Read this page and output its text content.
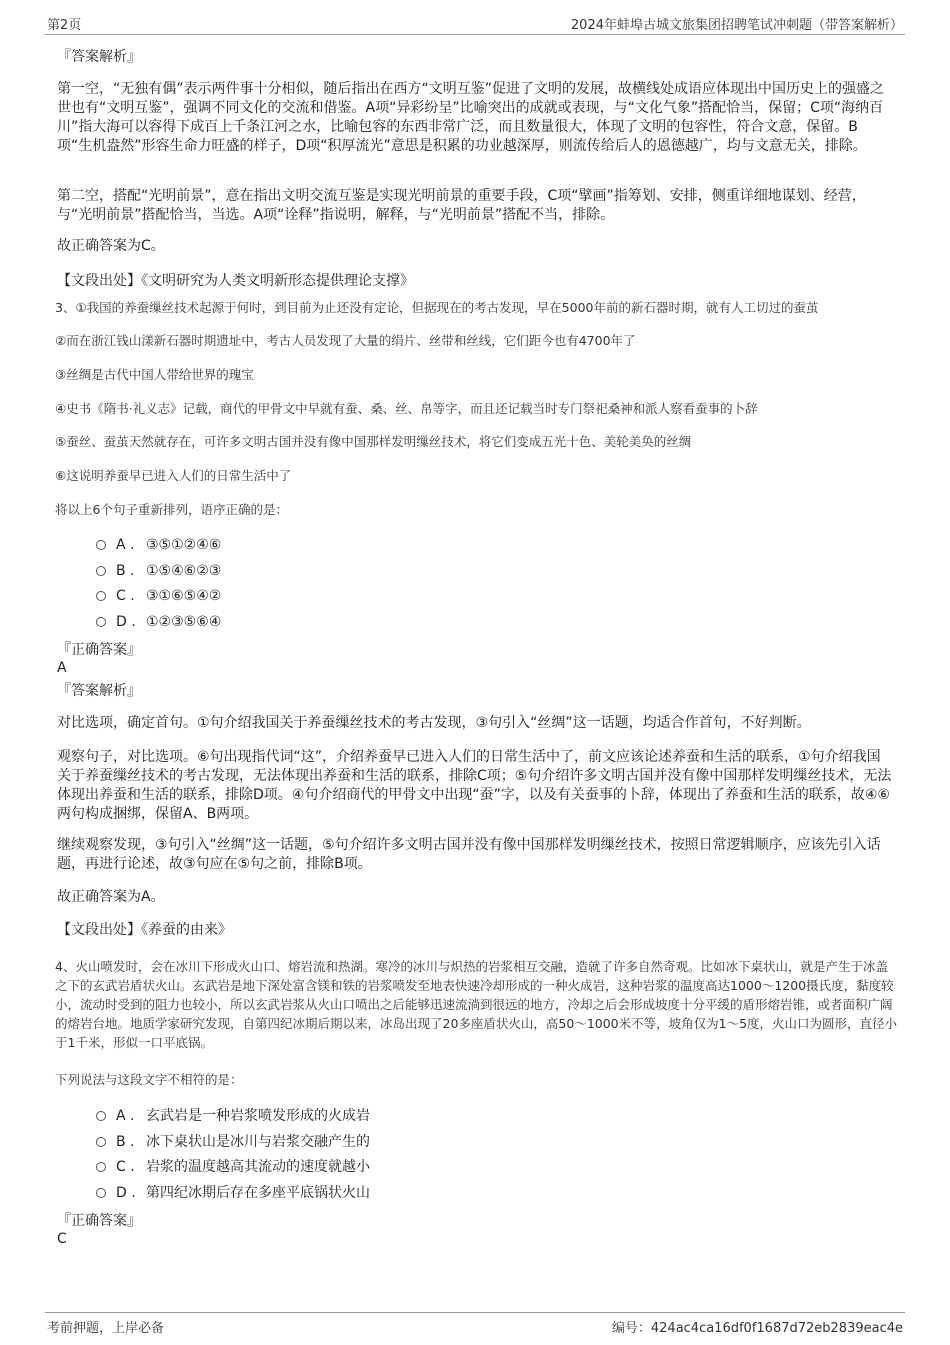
第2页	2024年蚌埠古城文旅集团招聘笔试冲刺题（带答案解析）
『答案解析』
第一空，“无独有偶”表示两件事十分相似，随后指出在西方“文明互鉴”促进了文明的发展，故横线处成语应体现出中国历史上的强盛之世也有“文明互鉴”，强调不同文化的交流和借鉴。A项“异彩纷呈”比喻突出的成就或表现，与“文化气象”搭配恰当，保留；C项“海纳百川”指大海可以容得下成百上千条江河之水，比喻包容的东西非常广泛，而且数量很大，体现了文明的包容性，符合文意，保留。B项“生机盎然”形容生命力旺盛的样子，D项“积厚流光”意思是积累的功业越深厚，则流传给后人的恩德越广，均与文意无关，排除。
第二空，搭配“光明前景”，意在指出文明交流互鉴是实现光明前景的重要手段，C项“擘画”指筹划、安排，侧重详细地谋划、经营，与“光明前景”搭配恰当，当选。A项“诠释”指说明，解释，与“光明前景”搭配不当，排除。
故正确答案为C。
【文段出处】《文明研究为人类文明新形态提供理论支撑》
3、①我国的养蚕缫丝技术起源于何时，到目前为止还没有定论，但据现在的考古发现，早在5000年前的新石器时期，就有人工切过的蚕茧
②而在浙江钱山漾新石器时期遗址中，考古人员发现了大量的绢片、丝带和丝线，它们距今也有4700年了
③丝绸是古代中国人带给世界的瑰宝
④史书《隋书·礼义志》记载，商代的甲骨文中早就有蚕、桑、丝、帛等字，而且还记载当时专门祭祀桑神和派人察看蚕事的卜辞
⑤蚕丝、蚕茧天然就存在，可许多文明古国并没有像中国那样发明缫丝技术，将它们变成五光十色、美轮美奂的丝绸
⑥这说明养蚕早已进入人们的日常生活中了
将以上6个句子重新排列，语序正确的是：
A . ③⑤①②④⑥
B . ①⑤④⑥②③
C . ③①⑥⑤④②
D . ①②③⑤⑥④
『正确答案』
A
『答案解析』
对比选项，确定首句。①句介绍我国关于养蚕缫丝技术的考古发现，③句引入“丝绸”这一话题，均适合作首句，不好判断。
观察句子，对比选项。⑥句出现指代词“这”，介绍养蚕早已进入人们的日常生活中了，前文应该论述养蚕和生活的联系，①句介绍我国关于养蚕缫丝技术的考古发现，无法体现出养蚕和生活的联系，排除C项；⑤句介绍许多文明古国并没有像中国那样发明缫丝技术，无法体现出养蚕和生活的联系，排除D项。④句介绍商代的甲骨文中出现“蚕”字，以及有关蚕事的卜辞，体现出了养蚕和生活的联系，故④⑥两句构成捆绑，保留A、B两项。
继续观察发现，③句引入“丝绸”这一话题，⑤句介绍许多文明古国并没有像中国那样发明缫丝技术，按照日常逻辑顺序，应该先引入话题，再进行论述，故③句应在⑤句之前，排除B项。
故正确答案为A。
【文段出处】《养蚕的由来》
4、火山喷发时，会在冰川下形成火山口、熔岩流和热湖。寒冷的冰川与炽热的岩浆相互交融，造就了许多自然奇观。比如冰下桌状山，就是产生于冰盖之下的玄武岩盾状火山。玄武岩是地下深处富含镁和铁的岩浆喷发至地表快速冷却形成的一种火成岩，这种岩浆的温度高达1000～1200摄氏度，黏度较小，流动时受到的阻力也较小，所以玄武岩浆从火山口喷出之后能够迅速流淌到很远的地方，冷却之后会形成坡度十分平缓的盾形熔岩锥，或者面积广阔的熔岩台地。地质学家研究发现，自第四纪冰期后期以来，冰岛出现了20多座盾状火山，高50～1000米不等，坡角仅为1～5度，火山口为圆形，直径小于1千米，形似一口平底锅。
下列说法与这段文字不相符的是：
A . 玄武岩是一种岩浆喷发形成的火成岩
B . 冰下桌状山是冰川与岩浆交融产生的
C . 岩浆的温度越高其流动的速度就越小
D . 第四纪冰期后存在多座平底锅状火山
『正确答案』
C
考前押题，上岸必备	编号：424ac4ca16df0f1687d72eb2839eac4e
